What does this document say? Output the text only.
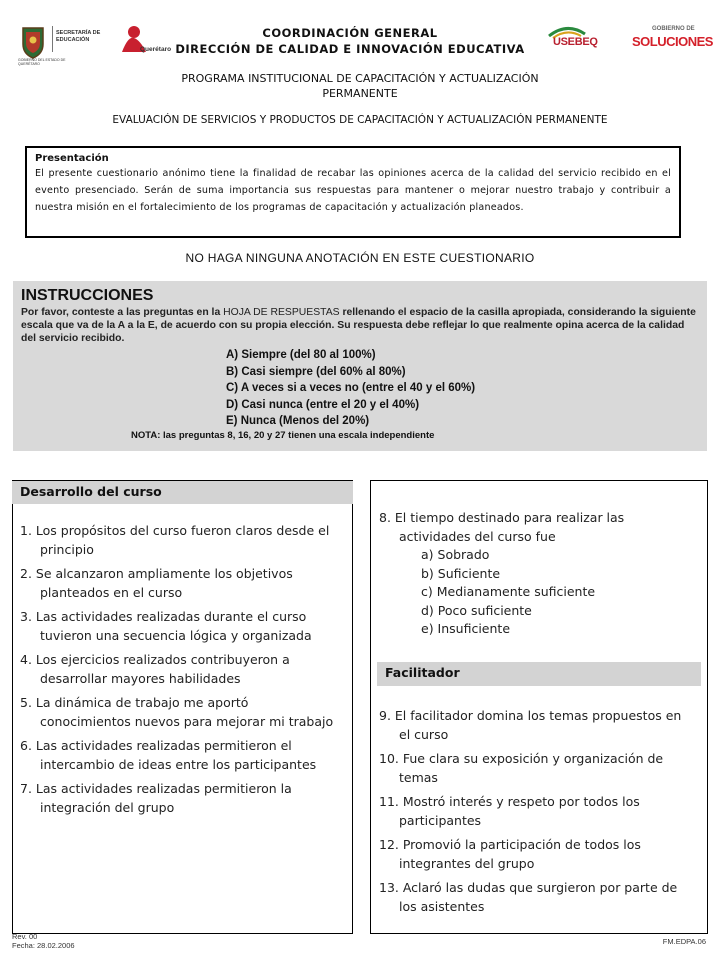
SECRETARÍA DE EDUCACIÓN
GOBIERNO DEL ESTADO DE QUERÉTARO
Querétaro
USEBEQ
GOBIERNO DE
SOLUCIONES
COORDINACIÓN GENERAL
DIRECCIÓN DE CALIDAD E INNOVACIÓN EDUCATIVA
PROGRAMA INSTITUCIONAL DE CAPACITACIÓN Y ACTUALIZACIÓN
PERMANENTE
EVALUACIÓN DE SERVICIOS Y PRODUCTOS DE CAPACITACIÓN Y ACTUALIZACIÓN PERMANENTE
Presentación

El presente cuestionario anónimo tiene la finalidad de recabar las opiniones acerca de la calidad del servicio recibido en el evento presenciado. Serán de suma importancia sus respuestas para mantener o mejorar nuestro trabajo y contribuir a nuestra misión en el fortalecimiento de los programas de capacitación y actualización planeados.

NO HAGA NINGUNA ANOTACIÓN EN ESTE CUESTIONARIO
INSTRUCCIONES

Por favor, conteste a las preguntas en la HOJA DE RESPUESTAS rellenando el espacio de la casilla apropiada, considerando la siguiente escala que va de la A a la E, de acuerdo con su propia elección. Su respuesta debe reflejar lo que realmente opina acerca de la calidad del servicio recibido.

A) Siempre (del 80 al 100%)
B) Casi siempre (del 60% al 80%)
C) A veces si a veces no (entre el 40 y el 60%)
D) Casi nunca (entre el 20 y el 40%)
E) Nunca (Menos del 20%)
NOTA: las preguntas 8, 16, 20 y 27 tienen una escala independiente
Desarrollo del curso
1. Los propósitos del curso fueron claros desde el
principio
2. Se alcanzaron ampliamente los objetivos
planteados en el curso
3. Las actividades realizadas durante el curso
tuvieron una secuencia lógica y organizada
4. Los ejercicios realizados contribuyeron a
desarrollar mayores habilidades
5. La dinámica de trabajo me aportó
conocimientos nuevos para mejorar mi trabajo
6. Las actividades realizadas permitieron el
intercambio de ideas entre los participantes
7. Las actividades realizadas permitieron la
integración del grupo
8. El tiempo destinado para realizar las
actividades del curso fue
a) Sobrado
b) Suficiente
c) Medianamente suficiente
d) Poco suficiente
e) Insuficiente
Facilitador
9. El facilitador domina los temas propuestos en
el curso
10. Fue clara su exposición y organización de
temas
11. Mostró interés y respeto por todos los
participantes
12. Promovió la participación de todos los
integrantes del grupo
13. Aclaró las dudas que surgieron por parte de
los asistentes
Rev. 00
Fecha: 28.02.2006	FM.EDPA.06
